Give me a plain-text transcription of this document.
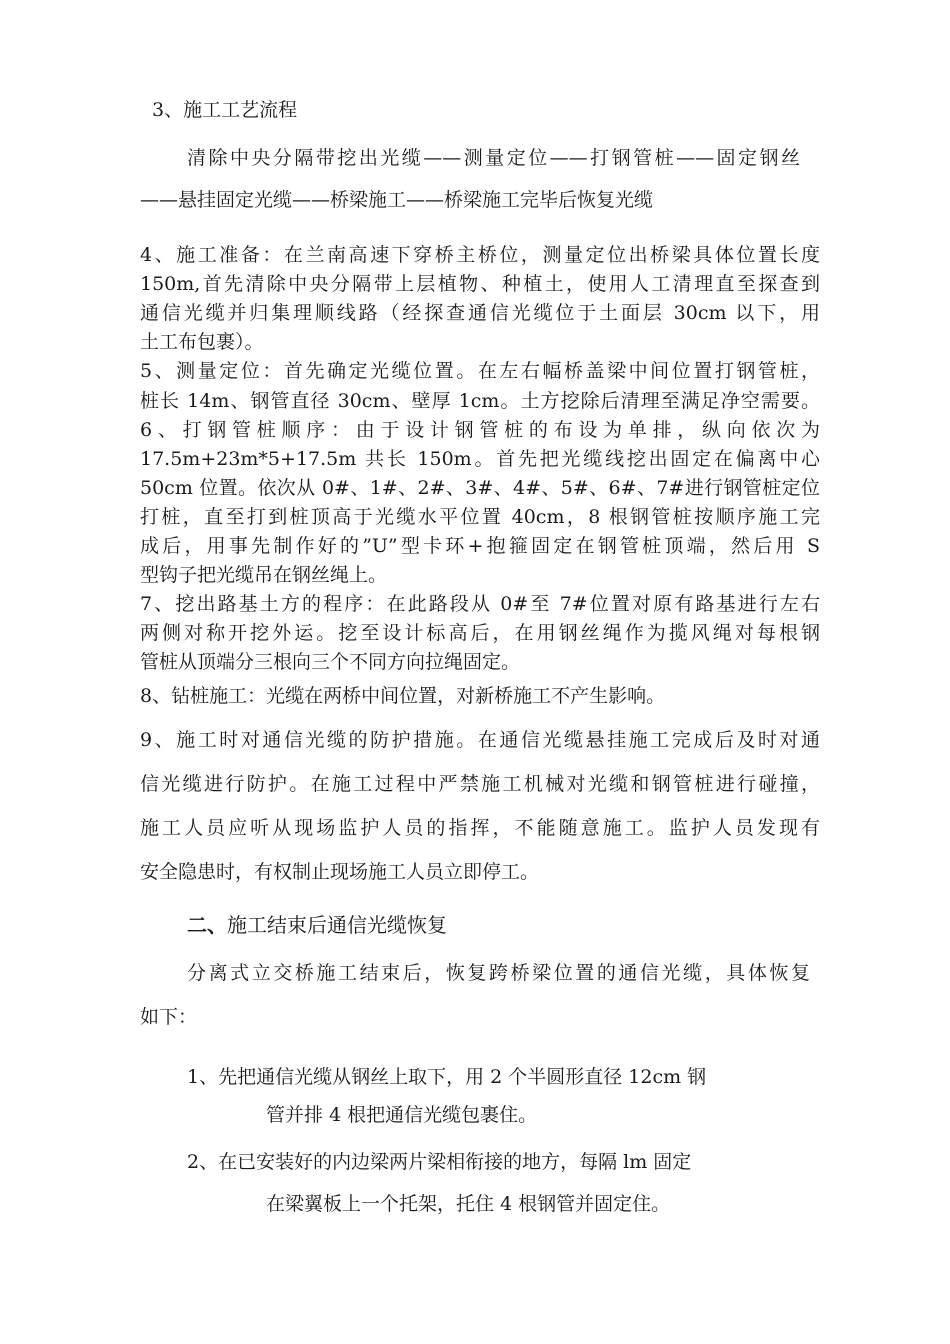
3、施工工艺流程
清除中央分隔带挖出光缆——测量定位——打钢管桩——固定钢丝
——悬挂固定光缆——桥梁施工——桥梁施工完毕后恢复光缆
4、施工准备：在兰南高速下穿桥主桥位，测量定位出桥梁具体位置长度
150m,首先清除中央分隔带上层植物、种植土，使用人工清理直至探查到
通信光缆并归集理顺线路（经探查通信光缆位于土面层 30cm 以下，用
土工布包裹）。
5、测量定位：首先确定光缆位置。在左右幅桥盖梁中间位置打钢管桩，
桩长 14m、钢管直径 30cm、壁厚 1cm。土方挖除后清理至满足净空需要。
6、打钢管桩顺序：由于设计钢管桩的布设为单排，纵向依次为
17.5m+23m*5+17.5m 共长 150m。首先把光缆线挖出固定在偏离中心
50cm 位置。依次从 0#、1#、2#、3#、4#、5#、6#、7#进行钢管桩定位
打桩，直至打到桩顶高于光缆水平位置 40cm，8 根钢管桩按顺序施工完
成后，用事先制作好的”U”型卡环+抱箍固定在钢管桩顶端，然后用 S
型钩子把光缆吊在钢丝绳上。
7、挖出路基土方的程序：在此路段从 0#至 7#位置对原有路基进行左右
两侧对称开挖外运。挖至设计标高后，在用钢丝绳作为揽风绳对每根钢
管桩从顶端分三根向三个不同方向拉绳固定。
8、钻桩施工：光缆在两桥中间位置，对新桥施工不产生影响。
9、施工时对通信光缆的防护措施。在通信光缆悬挂施工完成后及时对通
信光缆进行防护。在施工过程中严禁施工机械对光缆和钢管桩进行碰撞，
施工人员应听从现场监护人员的指挥，不能随意施工。监护人员发现有
安全隐患时，有权制止现场施工人员立即停工。
二、施工结束后通信光缆恢复
分离式立交桥施工结束后，恢复跨桥梁位置的通信光缆，具体恢复
如下：
1、先把通信光缆从钢丝上取下，用 2 个半圆形直径 12cm 钢
管并排 4 根把通信光缆包裹住。
2、在已安装好的内边梁两片梁相衔接的地方，每隔 lm 固定
在梁翼板上一个托架，托住 4 根钢管并固定住。
